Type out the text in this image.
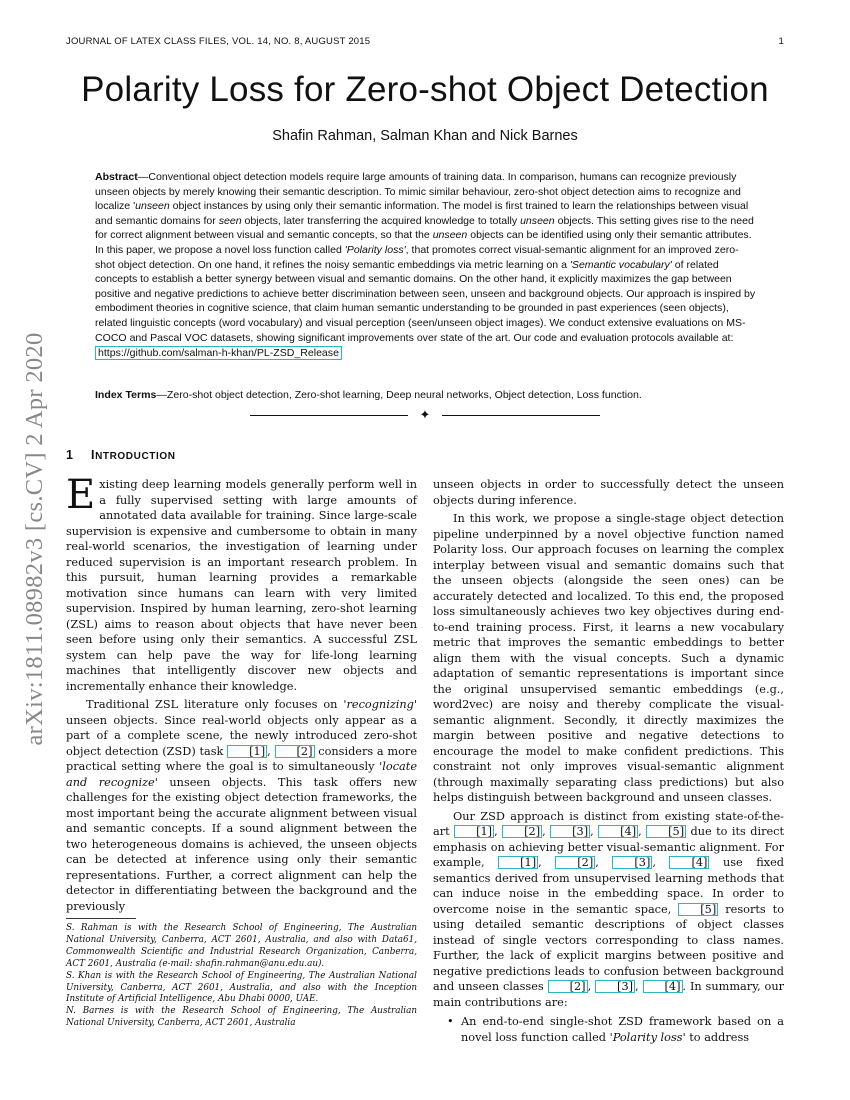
JOURNAL OF LATEX CLASS FILES, VOL. 14, NO. 8, AUGUST 2015	1
Polarity Loss for Zero-shot Object Detection
Shafin Rahman, Salman Khan and Nick Barnes
Abstract—Conventional object detection models require large amounts of training data. In comparison, humans can recognize previously unseen objects by merely knowing their semantic description. To mimic similar behaviour, zero-shot object detection aims to recognize and localize 'unseen object instances by using only their semantic information. The model is first trained to learn the relationships between visual and semantic domains for seen objects, later transferring the acquired knowledge to totally unseen objects. This setting gives rise to the need for correct alignment between visual and semantic concepts, so that the unseen objects can be identified using only their semantic attributes. In this paper, we propose a novel loss function called 'Polarity loss', that promotes correct visual-semantic alignment for an improved zero-shot object detection. On one hand, it refines the noisy semantic embeddings via metric learning on a 'Semantic vocabulary' of related concepts to establish a better synergy between visual and semantic domains. On the other hand, it explicitly maximizes the gap between positive and negative predictions to achieve better discrimination between seen, unseen and background objects. Our approach is inspired by embodiment theories in cognitive science, that claim human semantic understanding to be grounded in past experiences (seen objects), related linguistic concepts (word vocabulary) and visual perception (seen/unseen object images). We conduct extensive evaluations on MS-COCO and Pascal VOC datasets, showing significant improvements over state of the art. Our code and evaluation protocols available at:
https://github.com/salman-h-khan/PL-ZSD_Release
Index Terms—Zero-shot object detection, Zero-shot learning, Deep neural networks, Object detection, Loss function.
✦
arXiv:1811.08982v3 [cs.CV] 2 Apr 2020 1 INTRODUCTION

Existing deep learning models generally perform well in a fully supervised setting with large amounts of annotated data available for training. Since large-scale supervision is expensive and cumbersome to obtain in many real-world scenarios, the investigation of learning under reduced supervision is an important research problem. In this pursuit, human learning provides a remarkable motivation since humans can learn with very limited supervision. Inspired by human learning, zero-shot learning (ZSL) aims to reason about objects that have never been seen before using only their semantics. A successful ZSL system can help pave the way for life-long learning machines that intelligently discover new objects and incrementally enhance their knowledge.

Traditional ZSL literature only focuses on 'recognizing' unseen objects. Since real-world objects only appear as a part of a complete scene, the newly introduced zero-shot object detection (ZSD) task [1] , [2] considers a more practical setting where the goal is to simultaneously 'locate and recognize' unseen objects. This task offers new challenges for the existing object detection frameworks, the most important being the accurate alignment between visual and semantic concepts. If a sound alignment between the two heterogeneous domains is achieved, the unseen objects can be detected at inference using only their semantic representations. Further, a correct alignment can help the detector in differentiating between the background and the previously

S. Rahman is with the Research School of Engineering, The Australian National University, Canberra, ACT 2601, Australia, and also with Data61, Commonwealth Scientific and Industrial Research Organization, Canberra, ACT 2601, Australia (e-mail: shafin.rahman@anu.edu.au).

S. Khan is with the Research School of Engineering, The Australian National University, Canberra, ACT 2601, Australia, and also with the Inception Institute of Artificial Intelligence, Abu Dhabi 0000, UAE.

N. Barnes is with the Research School of Engineering, The Australian National University, Canberra, ACT 2601, Australia

unseen objects in order to successfully detect the unseen objects during inference.

In this work, we propose a single-stage object detection pipeline underpinned by a novel objective function named Polarity loss. Our approach focuses on learning the complex interplay between visual and semantic domains such that the unseen objects (alongside the seen ones) can be accurately detected and localized. To this end, the proposed loss simultaneously achieves two key objectives during end-to-end training process. First, it learns a new vocabulary metric that improves the semantic embeddings to better align them with the visual concepts. Such a dynamic adaptation of semantic representations is important since the original unsupervised semantic embeddings (e.g., word2vec) are noisy and thereby complicate the visual-semantic alignment. Secondly, it directly maximizes the margin between positive and negative detections to encourage the model to make confident predictions. This constraint not only improves visual-semantic alignment (through maximally separating class predictions) but also helps distinguish between background and unseen classes.

Our ZSD approach is distinct from existing state-of-the-art [1] , [2] , [3] , [4] , [5] due to its direct emphasis on achieving better visual-semantic alignment. For example, [1] , [2] , [3] , [4] use fixed semantics derived from unsupervised learning methods that can induce noise in the embedding space. In order to overcome noise in the semantic space, [5] resorts to using detailed semantic descriptions of object classes instead of single vectors corresponding to class names. Further, the lack of explicit margins between positive and negative predictions leads to confusion between background and unseen classes [2] , [3] , [4] . In summary, our main contributions are:

• An end-to-end single-shot ZSD framework based on a novel loss function called 'Polarity loss' to address
